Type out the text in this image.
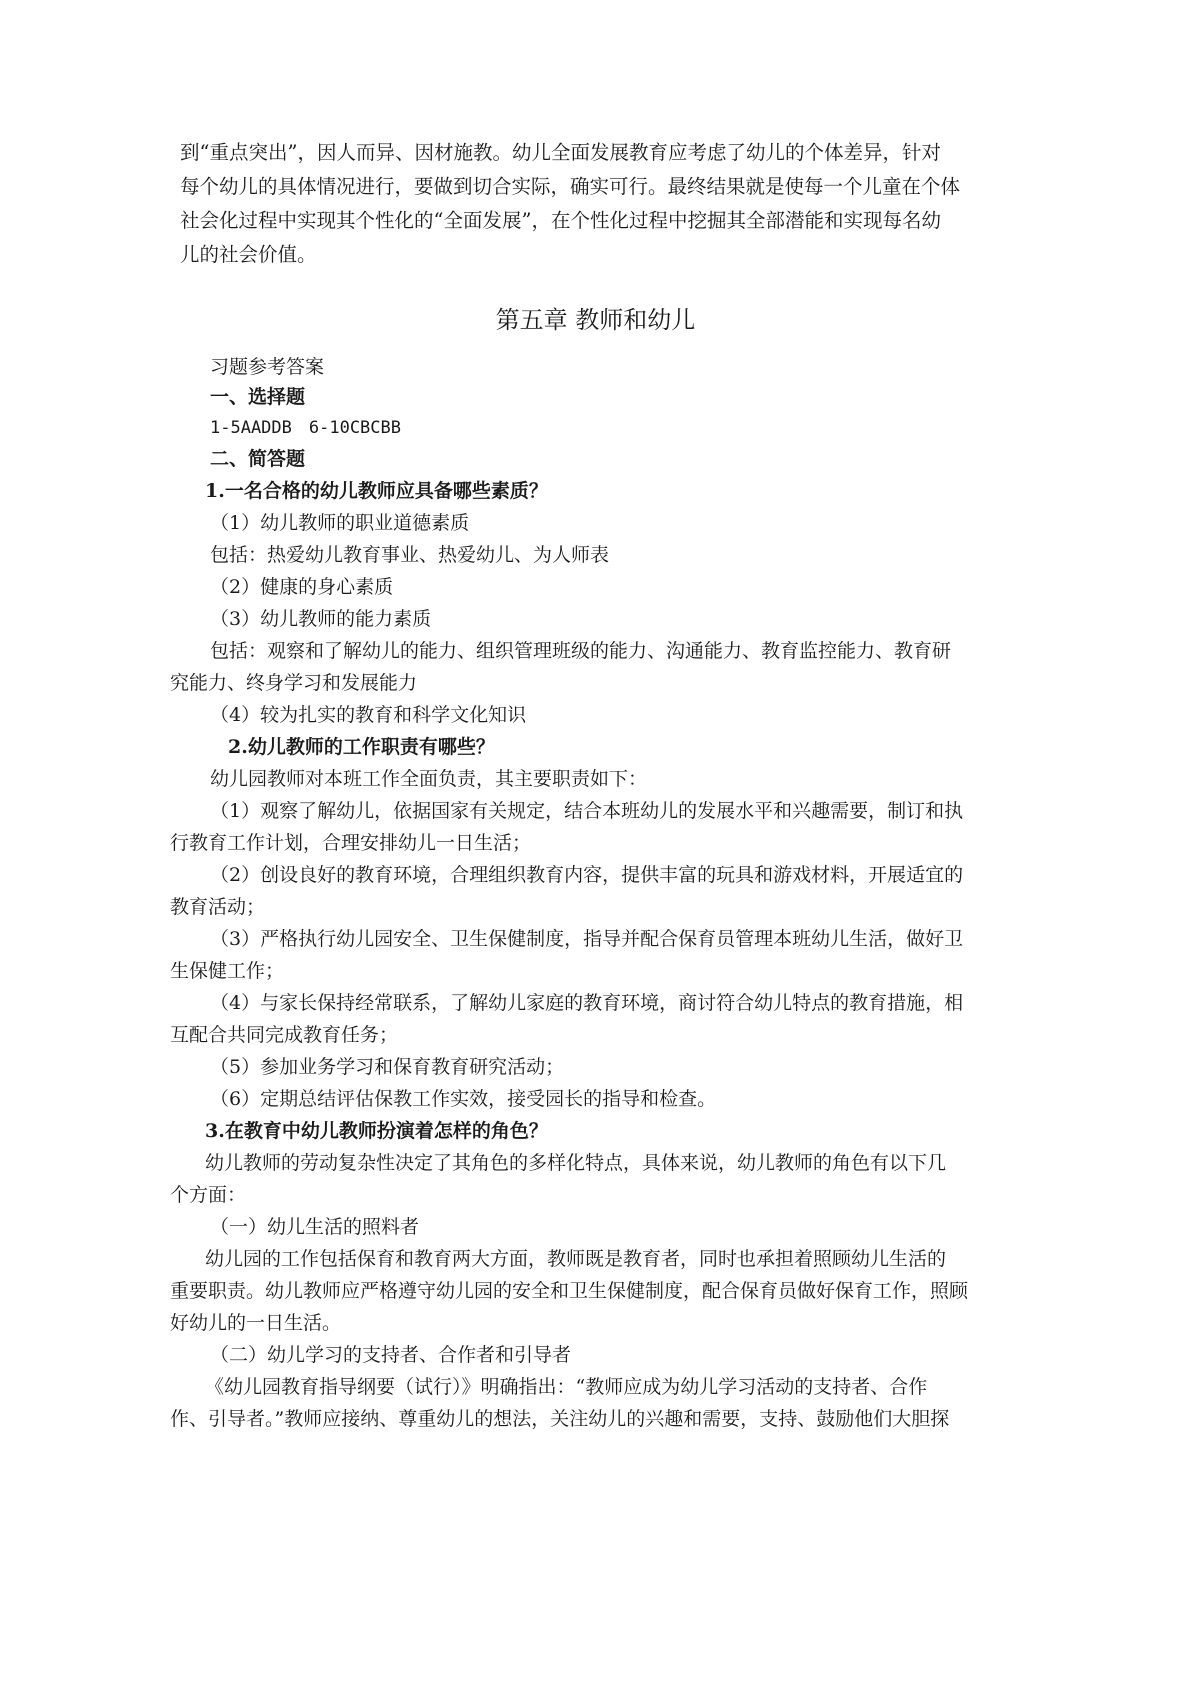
到“重点突出”，因人而异、因材施教。幼儿全面发展教育应考虑了幼儿的个体差异，针对
每个幼儿的具体情况进行，要做到切合实际，确实可行。最终结果就是使每一个儿童在个体
社会化过程中实现其个性化的“全面发展”，在个性化过程中挖掘其全部潜能和实现每名幼
儿的社会价值。
第五章 教师和幼儿
习题参考答案
一、选择题
1-5AADDB　6-10CBCBB
二、简答题
1.一名合格的幼儿教师应具备哪些素质？
（1）幼儿教师的职业道德素质
包括：热爱幼儿教育事业、热爱幼儿、为人师表
（2）健康的身心素质
（3）幼儿教师的能力素质
包括：观察和了解幼儿的能力、组织管理班级的能力、沟通能力、教育监控能力、教育研
究能力、终身学习和发展能力
（4）较为扎实的教育和科学文化知识
2.幼儿教师的工作职责有哪些？
幼儿园教师对本班工作全面负责，其主要职责如下：
（1）观察了解幼儿，依据国家有关规定，结合本班幼儿的发展水平和兴趣需要，制订和执
行教育工作计划，合理安排幼儿一日生活；
（2）创设良好的教育环境，合理组织教育内容，提供丰富的玩具和游戏材料，开展适宜的
教育活动；
（3）严格执行幼儿园安全、卫生保健制度，指导并配合保育员管理本班幼儿生活，做好卫
生保健工作；
（4）与家长保持经常联系，了解幼儿家庭的教育环境，商讨符合幼儿特点的教育措施，相
互配合共同完成教育任务；
（5）参加业务学习和保育教育研究活动；
（6）定期总结评估保教工作实效，接受园长的指导和检查。
3.在教育中幼儿教师扮演着怎样的角色？
幼儿教师的劳动复杂性决定了其角色的多样化特点，具体来说，幼儿教师的角色有以下几
个方面：
（一）幼儿生活的照料者
幼儿园的工作包括保育和教育两大方面，教师既是教育者，同时也承担着照顾幼儿生活的
重要职责。幼儿教师应严格遵守幼儿园的安全和卫生保健制度，配合保育员做好保育工作，照顾
好幼儿的一日生活。
（二）幼儿学习的支持者、合作者和引导者
《幼儿园教育指导纲要（试行）》明确指出：“教师应成为幼儿学习活动的支持者、合作
作、引导者。”教师应接纳、尊重幼儿的想法，关注幼儿的兴趣和需要，支持、鼓励他们大胆探
